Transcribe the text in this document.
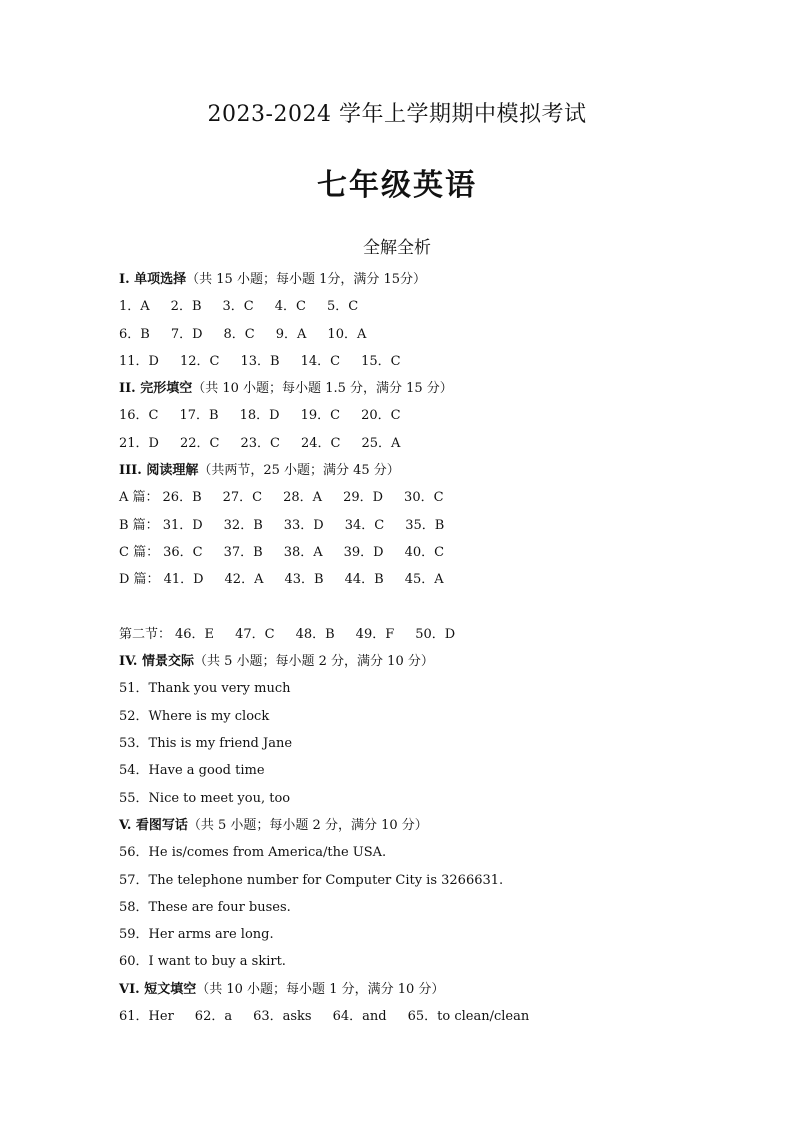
2023-2024 学年上学期期中模拟考试
七年级英语
全解全析
I. 单项选择（共 15 小题；每小题 1分，满分 15分）
1．A 2．B 3．C 4．C 5．C
6．B 7．D 8．C 9．A 10．A
11．D 12．C 13．B 14．C 15．C
II. 完形填空（共 10 小题；每小题 1.5 分，满分 15 分）
16．C 17．B 18．D 19．C 20．C
21．D 22．C 23．C 24．C 25．A
III. 阅读理解（共两节，25 小题；满分 45 分）
A 篇： 26．B 27．C 28．A 29．D 30．C
B 篇： 31．D 32．B 33．D 34．C 35．B
C 篇： 36．C 37．B 38．A 39．D 40．C
D 篇： 41．D 42．A 43．B 44．B 45．A
第二节： 46．E 47．C 48．B 49．F 50．D
IV. 情景交际（共 5 小题；每小题 2 分，满分 10 分）
51．Thank you very much
52．Where is my clock
53．This is my friend Jane
54．Have a good time
55．Nice to meet you, too
V. 看图写话（共 5 小题；每小题 2 分，满分 10 分）
56．He is/comes from America/the USA.
57．The telephone number for Computer City is 3266631.
58．These are four buses.
59．Her arms are long.
60．I want to buy a skirt.
VI. 短文填空（共 10 小题；每小题 1 分，满分 10 分）
61．Her 62．a 63．asks 64．and 65．to clean/clean
